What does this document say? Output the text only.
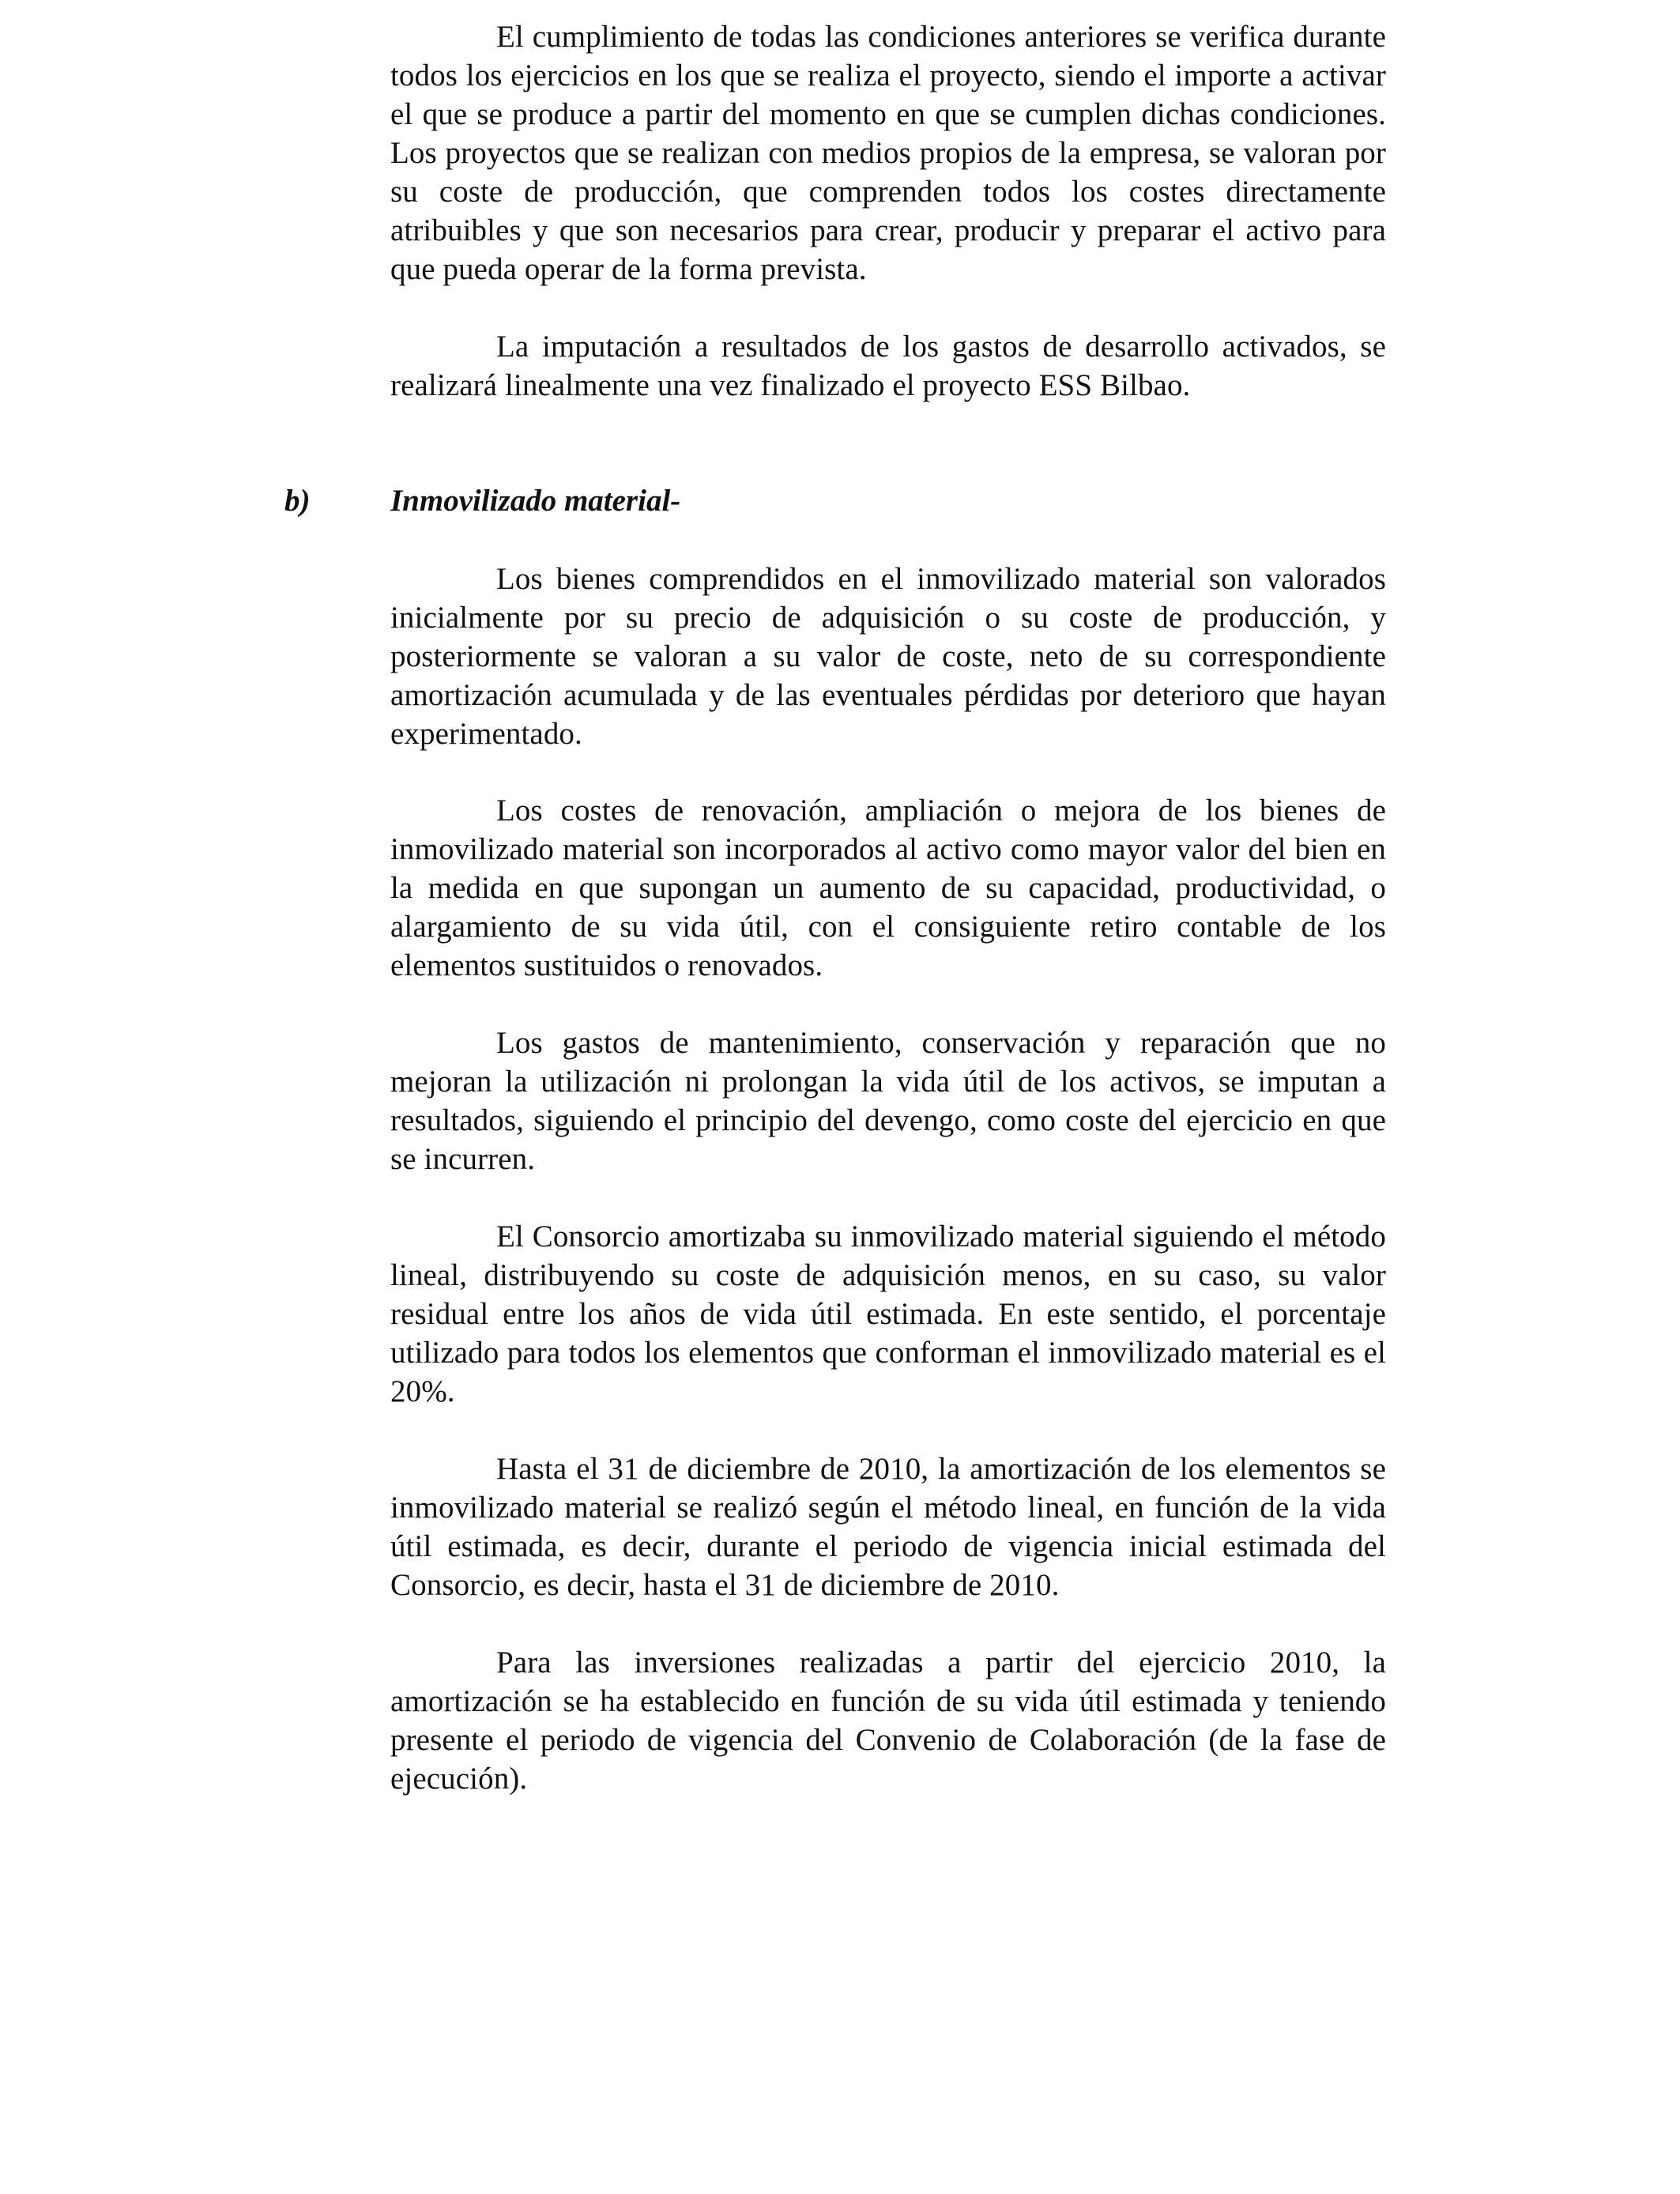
El cumplimiento de todas las condiciones anteriores se verifica durante todos los ejercicios en los que se realiza el proyecto, siendo el importe a activar el que se produce a partir del momento en que se cumplen dichas condiciones. Los proyectos que se realizan con medios propios de la empresa, se valoran por su coste de producción, que comprenden todos los costes directamente atribuibles y que son necesarios para crear, producir y preparar el activo para que pueda operar de la forma prevista.

La imputación a resultados de los gastos de desarrollo activados, se realizará linealmente una vez finalizado el proyecto ESS Bilbao.

b)	Inmovilizado material-

Los bienes comprendidos en el inmovilizado material son valorados inicialmente por su precio de adquisición o su coste de producción, y posteriormente se valoran a su valor de coste, neto de su correspondiente amortización acumulada y de las eventuales pérdidas por deterioro que hayan experimentado.

Los costes de renovación, ampliación o mejora de los bienes de inmovilizado material son incorporados al activo como mayor valor del bien en la medida en que supongan un aumento de su capacidad, productividad, o alargamiento de su vida útil, con el consiguiente retiro contable de los elementos sustituidos o renovados.

Los gastos de mantenimiento, conservación y reparación que no mejoran la utilización ni prolongan la vida útil de los activos, se imputan a resultados, siguiendo el principio del devengo, como coste del ejercicio en que se incurren.

El Consorcio amortizaba su inmovilizado material siguiendo el método lineal, distribuyendo su coste de adquisición menos, en su caso, su valor residual entre los años de vida útil estimada. En este sentido, el porcentaje utilizado para todos los elementos que conforman el inmovilizado material es el 20%.

Hasta el 31 de diciembre de 2010, la amortización de los elementos se inmovilizado material se realizó según el método lineal, en función de la vida útil estimada, es decir, durante el periodo de vigencia inicial estimada del Consorcio, es decir, hasta el 31 de diciembre de 2010.

Para las inversiones realizadas a partir del ejercicio 2010, la amortización se ha establecido en función de su vida útil estimada y teniendo presente el periodo de vigencia del Convenio de Colaboración (de la fase de ejecución).
